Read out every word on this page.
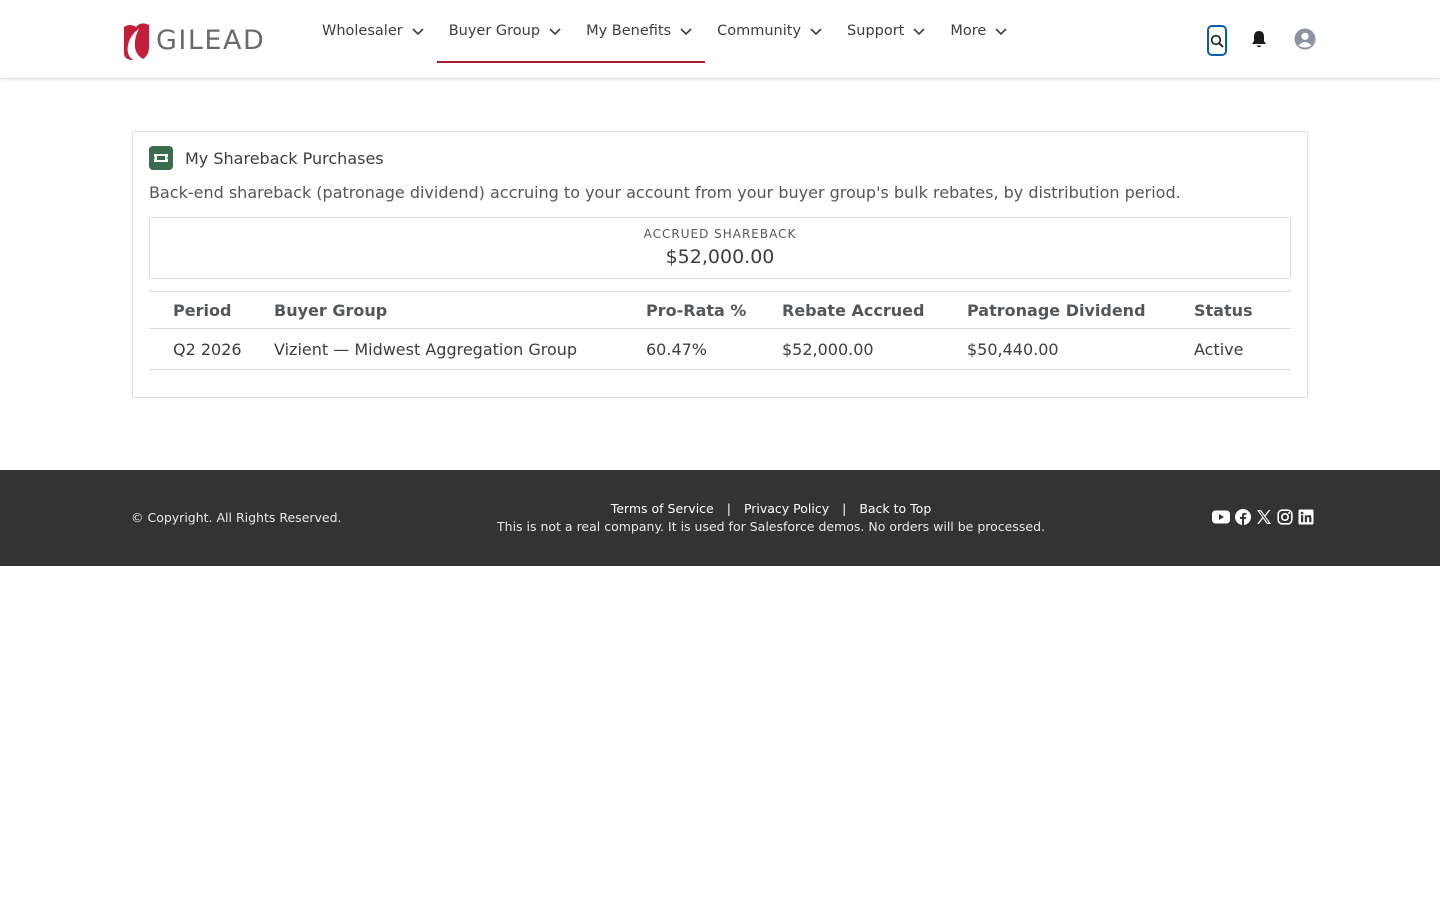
GILEAD	Wholesaler	Buyer Group	My Benefits	Community	Support	More
My Shareback Purchases
Back-end shareback (patronage dividend) accruing to your account from your buyer group's bulk rebates, by distribution period.
ACCRUED SHAREBACK
$52,000.00
Period	Buyer Group	Pro-Rata %	Rebate Accrued	Patronage Dividend	Status
Q2 2026	Vizient — Midwest Aggregation Group	60.47%	$52,000.00	$50,440.00	Active
© Copyright. All Rights Reserved.
Terms of Service | Privacy Policy | Back to Top
This is not a real company. It is used for Salesforce demos. No orders will be processed.
